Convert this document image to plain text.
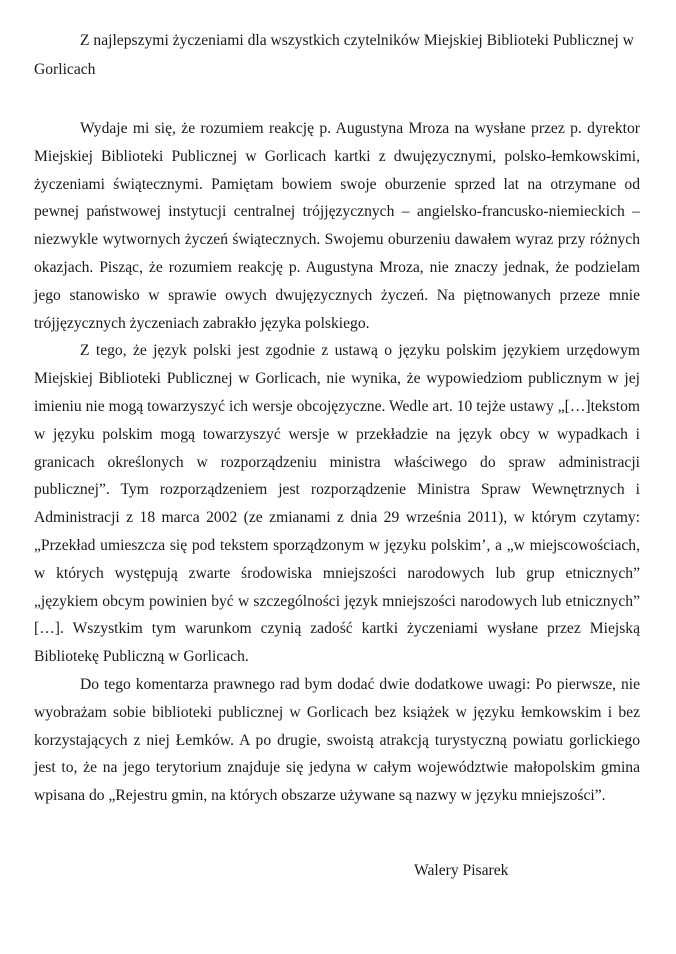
Z najlepszymi życzeniami dla wszystkich czytelników Miejskiej Biblioteki Publicznej w Gorlicach

Wydaje mi się, że rozumiem reakcję p. Augustyna Mroza na wysłane przez p. dyrektor Miejskiej Biblioteki Publicznej w Gorlicach kartki z dwujęzycznymi, polsko-łemkowskimi, życzeniami świątecznymi. Pamiętam bowiem swoje oburzenie sprzed lat na otrzymane od pewnej państwowej instytucji centralnej trójjęzycznych – angielsko-francusko-niemieckich – niezwykle wytwornych życzeń świątecznych. Swojemu oburzeniu dawałem wyraz przy różnych okazjach. Pisząc, że rozumiem reakcję p. Augustyna Mroza, nie znaczy jednak, że podzielam jego stanowisko w sprawie owych dwujęzycznych życzeń. Na piętnowanych przeze mnie trójjęzycznych życzeniach zabrakło języka polskiego.

Z tego, że język polski jest zgodnie z ustawą o języku polskim językiem urzędowym Miejskiej Biblioteki Publicznej w Gorlicach, nie wynika, że wypowiedziom publicznym w jej imieniu nie mogą towarzyszyć ich wersje obcojęzyczne. Wedle art. 10 tejże ustawy „[…]tekstom w języku polskim mogą towarzyszyć wersje w przekładzie na język obcy w wypadkach i granicach określonych w rozporządzeniu ministra właściwego do spraw administracji publicznej”. Tym rozporządzeniem jest rozporządzenie Ministra Spraw Wewnętrznych i Administracji z 18 marca 2002 (ze zmianami z dnia 29 września 2011), w którym czytamy: „Przekład umieszcza się pod tekstem sporządzonym w języku polskim’, a „w miejscowościach, w których występują zwarte środowiska mniejszości narodowych lub grup etnicznych” „językiem obcym powinien być w szczególności język mniejszości narodowych lub etnicznych” […]. Wszystkim tym warunkom czynią zadość kartki życzeniami wysłane przez Miejską Bibliotekę Publiczną w Gorlicach.

Do tego komentarza prawnego rad bym dodać dwie dodatkowe uwagi: Po pierwsze, nie wyobrażam sobie biblioteki publicznej w Gorlicach bez książek w języku łemkowskim i bez korzystających z niej Łemków. A po drugie, swoistą atrakcją turystyczną powiatu gorlickiego jest to, że na jego terytorium znajduje się jedyna w całym województwie małopolskim gmina wpisana do „Rejestru gmin, na których obszarze używane są nazwy w języku mniejszości”.

Walery Pisarek
